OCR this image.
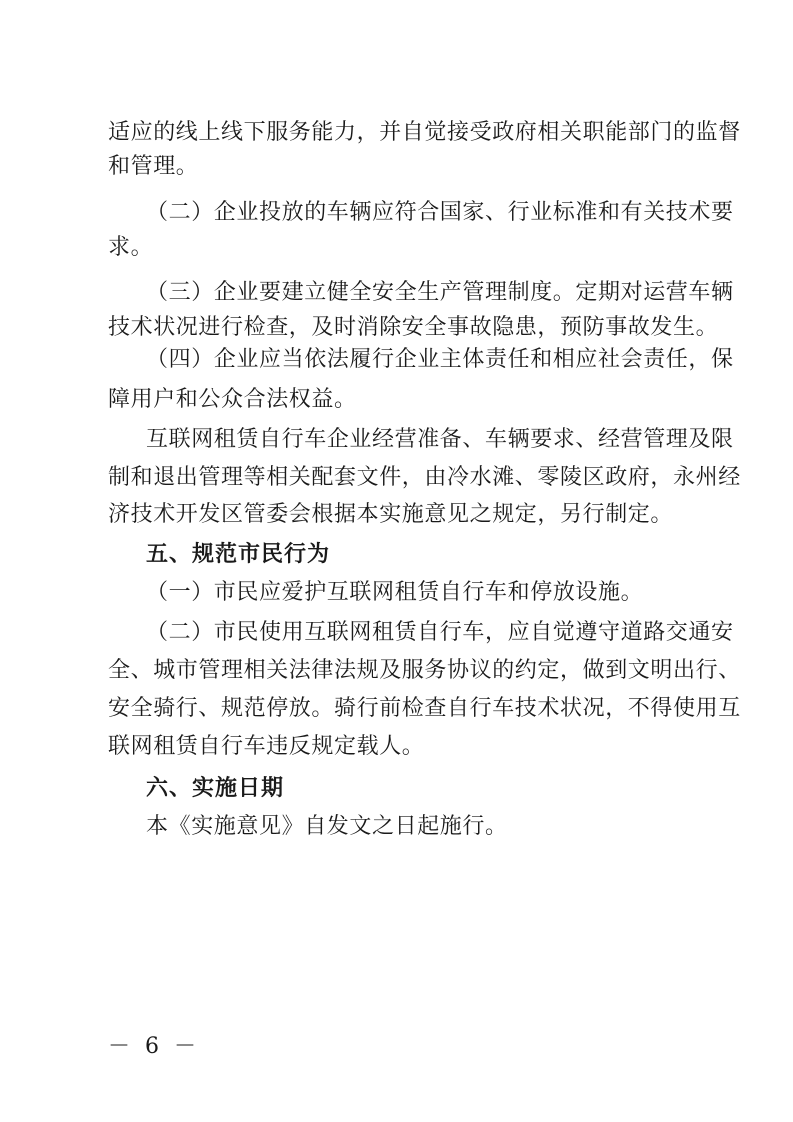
适应的线上线下服务能力，并自觉接受政府相关职能部门的监督
和管理。
（二）企业投放的车辆应符合国家、行业标准和有关技术要
求。
（三）企业要建立健全安全生产管理制度。定期对运营车辆
技术状况进行检查，及时消除安全事故隐患，预防事故发生。
（四）企业应当依法履行企业主体责任和相应社会责任，保
障用户和公众合法权益。
互联网租赁自行车企业经营准备、车辆要求、经营管理及限
制和退出管理等相关配套文件，由冷水滩、零陵区政府，永州经
济技术开发区管委会根据本实施意见之规定，另行制定。
五、规范市民行为
（一）市民应爱护互联网租赁自行车和停放设施。
（二）市民使用互联网租赁自行车，应自觉遵守道路交通安
全、城市管理相关法律法规及服务协议的约定，做到文明出行、
安全骑行、规范停放。骑行前检查自行车技术状况，不得使用互
联网租赁自行车违反规定载人。
六、实施日期
本《实施意见》自发文之日起施行。
－ 6 －
